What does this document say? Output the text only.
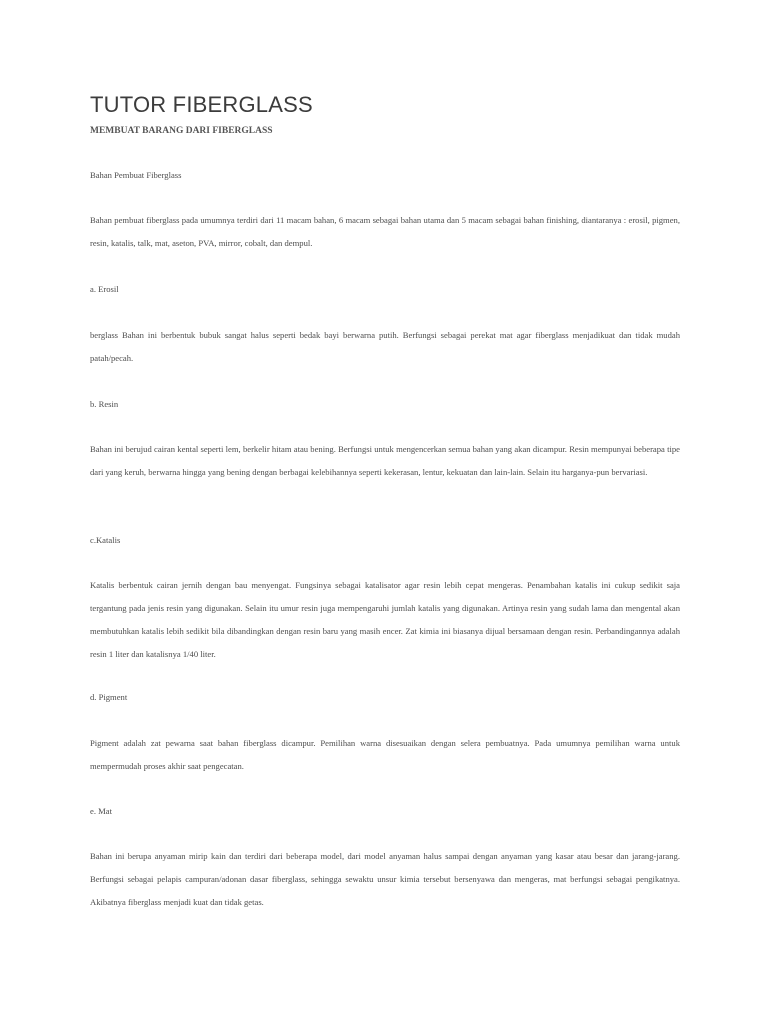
TUTOR FIBERGLASS
MEMBUAT BARANG DARI FIBERGLASS

Bahan Pembuat Fiberglass

Bahan pembuat fiberglass pada umumnya terdiri dari 11 macam bahan, 6 macam sebagai bahan utama dan 5 macam sebagai bahan finishing, diantaranya : erosil, pigmen, resin, katalis, talk, mat, aseton, PVA, mirror, cobalt, dan dempul.

a. Erosil

berglass Bahan ini berbentuk bubuk sangat halus seperti bedak bayi berwarna putih. Berfungsi sebagai perekat mat agar fiberglass menjadikuat dan tidak mudah patah/pecah.

b. Resin

Bahan ini berujud cairan kental seperti lem, berkelir hitam atau bening. Berfungsi untuk mengencerkan semua bahan yang akan dicampur. Resin mempunyai beberapa tipe dari yang keruh, berwarna hingga yang bening dengan berbagai kelebihannya seperti kekerasan, lentur, kekuatan dan lain-lain. Selain itu harganya-pun bervariasi.

c.Katalis

Katalis berbentuk cairan jernih dengan bau menyengat. Fungsinya sebagai katalisator agar resin lebih cepat mengeras. Penambahan katalis ini cukup sedikit saja tergantung pada jenis resin yang digunakan. Selain itu umur resin juga mempengaruhi jumlah katalis yang digunakan. Artinya resin yang sudah lama dan mengental akan membutuhkan katalis lebih sedikit bila dibandingkan dengan resin baru yang masih encer. Zat kimia ini biasanya dijual bersamaan dengan resin. Perbandingannya adalah resin 1 liter dan katalisnya 1/40 liter.

d. Pigment

Pigment adalah zat pewarna saat bahan fiberglass dicampur. Pemilihan warna disesuaikan dengan selera pembuatnya. Pada umumnya pemilihan warna untuk mempermudah proses akhir saat pengecatan.

e. Mat

Bahan ini berupa anyaman mirip kain dan terdiri dari beberapa model, dari model anyaman halus sampai dengan anyaman yang kasar atau besar dan jarang-jarang. Berfungsi sebagai pelapis campuran/adonan dasar fiberglass, sehingga sewaktu unsur kimia tersebut bersenyawa dan mengeras, mat berfungsi sebagai pengikatnya. Akibatnya fiberglass menjadi kuat dan tidak getas.
